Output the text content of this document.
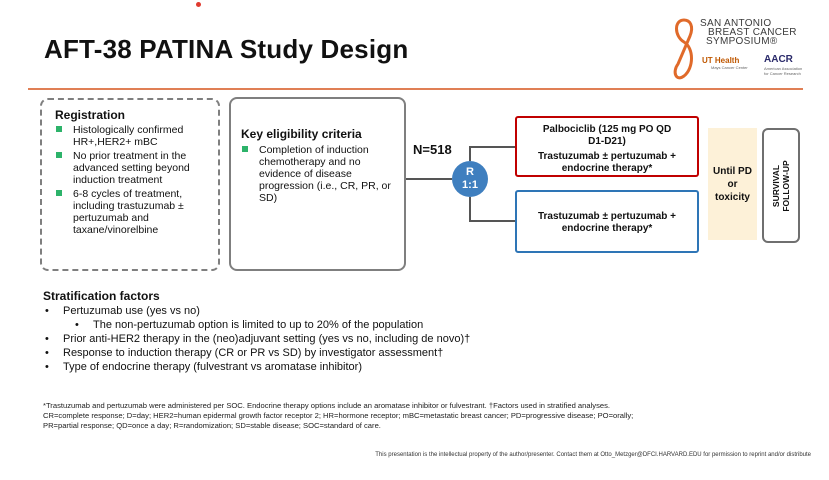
AFT-38 PATINA Study Design
SAN ANTONIO
BREAST CANCER
SYMPOSIUM®
UT Health
Mays Cancer Center
AACR
American Association for Cancer Research
Registration
Histologically confirmed HR+,HER2+ mBC
No prior treatment in the advanced setting beyond induction treatment
6-8 cycles of treatment, including trastuzumab ± pertuzumab and taxane/vinorelbine
Key eligibility criteria
Completion of induction chemotherapy and no evidence of disease progression (i.e., CR, PR, or SD)
N=518
R
1:1
Palbociclib (125 mg PO QD
D1-D21)
Trastuzumab ± pertuzumab +
endocrine therapy*
Trastuzumab ± pertuzumab +
endocrine therapy*
Until PD
or
toxicity	SURVIVAL FOLLOW-UP
Stratification factors
• Pertuzumab use (yes vs no)
• The non-pertuzumab option is limited to up to 20% of the population
• Prior anti-HER2 therapy in the (neo)adjuvant setting (yes vs no, including de novo)†
• Response to induction therapy (CR or PR vs SD) by investigator assessment†
• Type of endocrine therapy (fulvestrant vs aromatase inhibitor)
*Trastuzumab and pertuzumab were administered per SOC. Endocrine therapy options include an aromatase inhibitor or fulvestrant. †Factors used in stratified analyses.
CR=complete response; D=day; HER2=human epidermal growth factor receptor 2; HR=hormone receptor; mBC=metastatic breast cancer; PD=progressive disease; PO=orally;
PR=partial response; QD=once a day; R=randomization; SD=stable disease; SOC=standard of care.
This presentation is the intellectual property of the author/presenter. Contact them at Otto_Metzger@DFCI.HARVARD.EDU for permission to reprint and/or distribute
